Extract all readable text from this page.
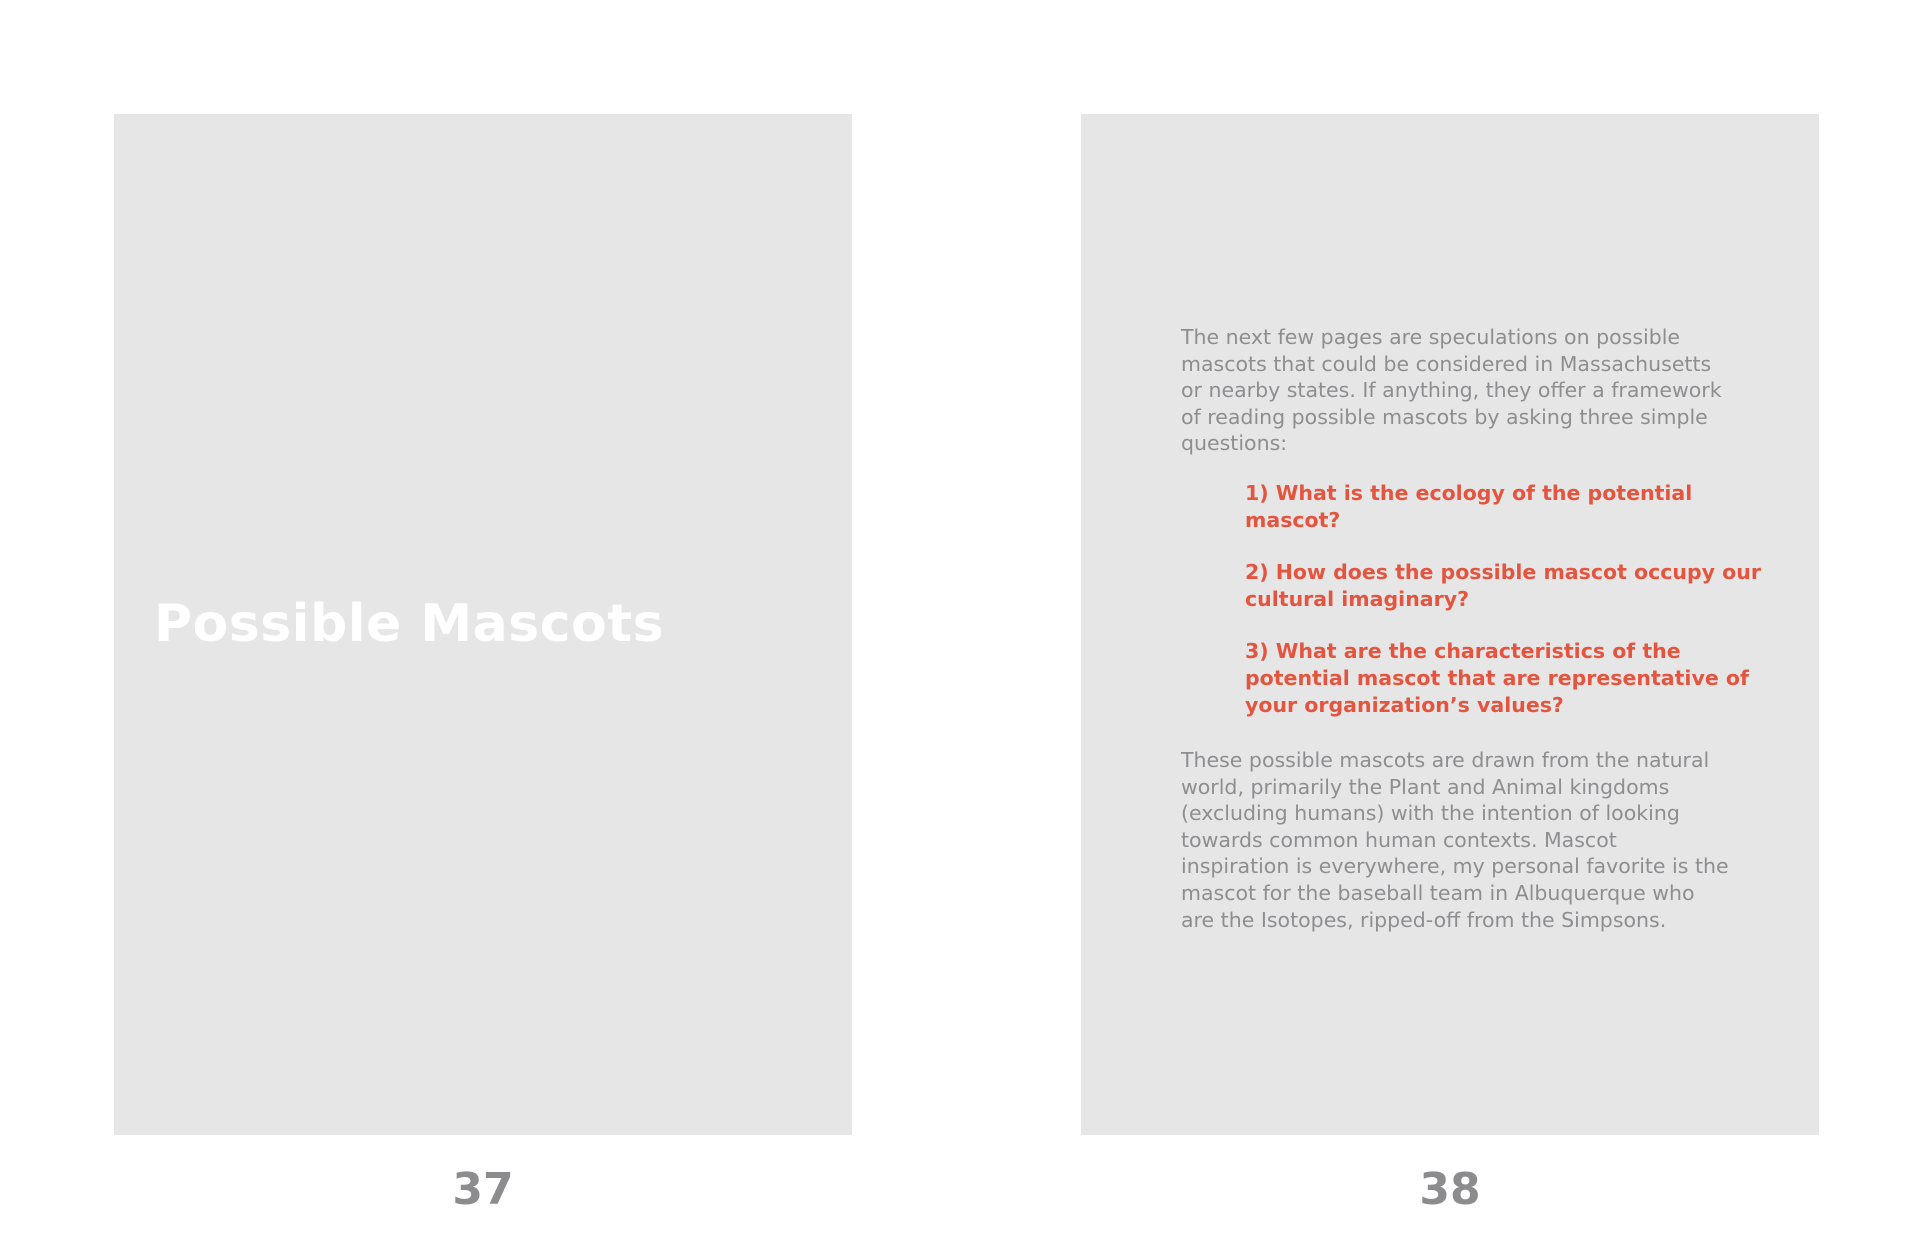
Possible Mascots

The next few pages are speculations on possible mascots that could be considered in Massachusetts or nearby states. If anything, they offer a framework of reading possible mascots by asking three simple questions:

1) What is the ecology of the potential mascot?
2) How does the possible mascot occupy our cultural imaginary?
3) What are the characteristics of the potential mascot that are representative of your organization’s values?

These possible mascots are drawn from the natural world, primarily the Plant and Animal kingdoms (excluding humans) with the intention of looking towards common human contexts. Mascot inspiration is everywhere, my personal favorite is the mascot for the baseball team in Albuquerque who are the Isotopes, ripped-off from the Simpsons.

37	38
